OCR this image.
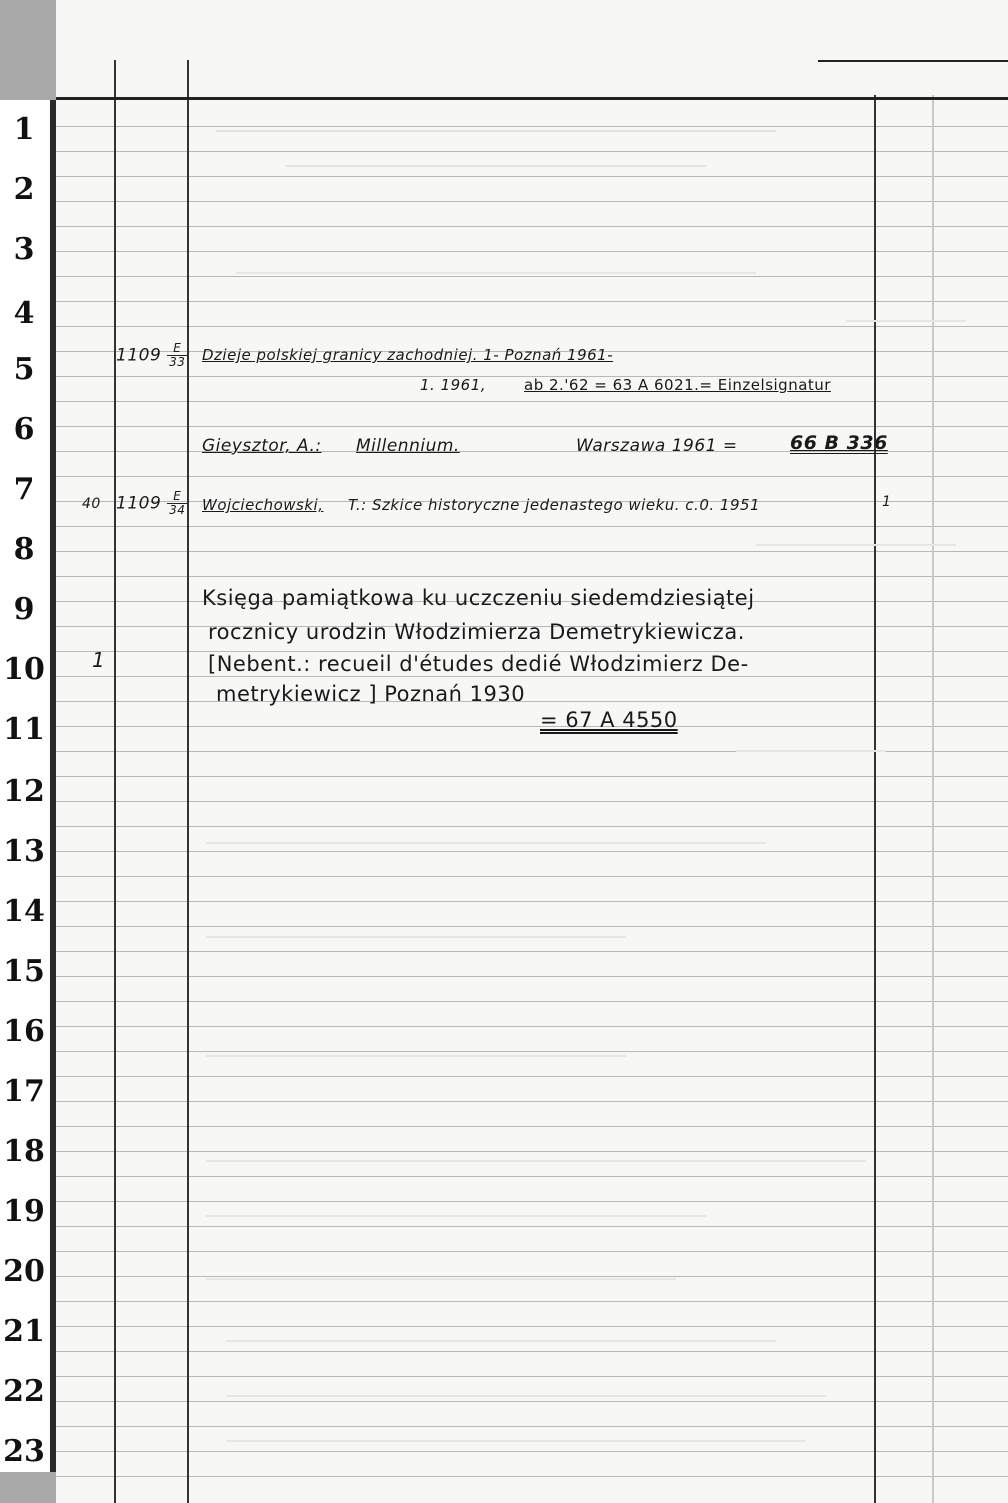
1
2
3
4
5
6
7
8
9
10
11
12
13
14
15
16
17
18
19
20
21
22
23
$1109 \frac{E}{33}$ Dzieje polskiej granicy zachodniej. 1- Poznań 1961-
1. 1961,	ab 2.'62 = 63 A 6021.= Einzelsignatur
Gieysztor, A.: Millennium.	Warszawa 1961 =	66 B 336
40 $1109 \frac{E}{34}$ Wojciechowski, T.: Szkice historyczne jedenastego wieku. c.0. 1951	1
1
Księga pamiątkowa ku uczczeniu siedemdziesiątej
rocznicy urodzin Włodzimierza Demetrykiewicza.
[Nebent.: recueil d'études dedié Włodzimierz De-
metrykiewicz ] Poznań 1930
= 67 A 4550
